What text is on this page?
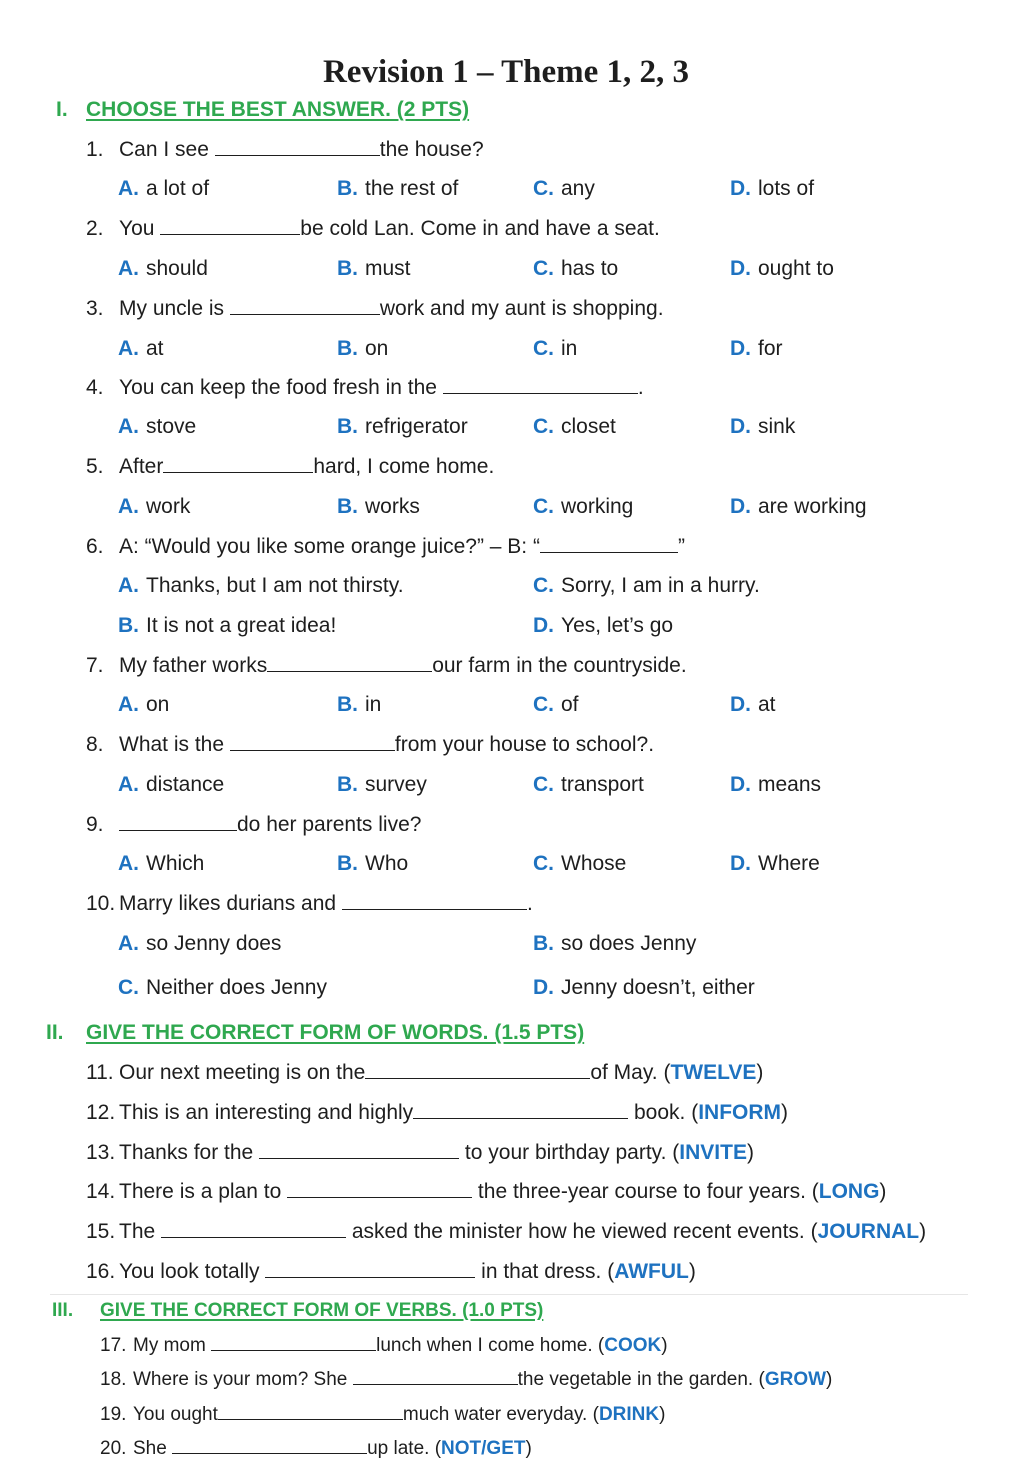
Revision 1 – Theme 1, 2, 3
I. CHOOSE THE BEST ANSWER. (2 PTS)
1. Can I see	the house?
A. a lot of	B. the rest of	C. any	D. lots of
2. You	be cold Lan. Come in and have a seat.
A. should	B. must	C. has to	D. ought to
3. My uncle is	work and my aunt is shopping.
A. at	B. on	C. in	D. for
4. You can keep the food fresh in the	.
A. stove	B. refrigerator	C. closet	D. sink
5. After	hard, I come home.
A. work	B. works	C. working	D. are working
6. A: “Would you like some orange juice?” – B: “	”
A. Thanks, but I am not thirsty.	C. Sorry, I am in a hurry.
B. It is not a great idea!	D. Yes, let’s go
7. My father works	our farm in the countryside.
A. on	B. in	C. of	D. at
8. What is the	from your house to school?.
A. distance	B. survey	C. transport	D. means
9.	do her parents live?
A. Which	B. Who	C. Whose	D. Where
10. Marry likes durians and	.
A. so Jenny does	B. so does Jenny
C. Neither does Jenny	D. Jenny doesn’t, either
II. GIVE THE CORRECT FORM OF WORDS. (1.5 PTS)
11. Our next meeting is on the	of May. (TWELVE)
12. This is an interesting and highly	book. (INFORM)
13. Thanks for the	to your birthday party. (INVITE)
14. There is a plan to	the three-year course to four years. (LONG)
15. The	asked the minister how he viewed recent events. (JOURNAL)
16. You look totally	in that dress. (AWFUL)
III. GIVE THE CORRECT FORM OF VERBS. (1.0 PTS)
17. My mom	lunch when I come home. (COOK)
18. Where is your mom? She	the vegetable in the garden. (GROW)
19. You ought	much water everyday. (DRINK)
20. She	up late. (NOT/GET)
